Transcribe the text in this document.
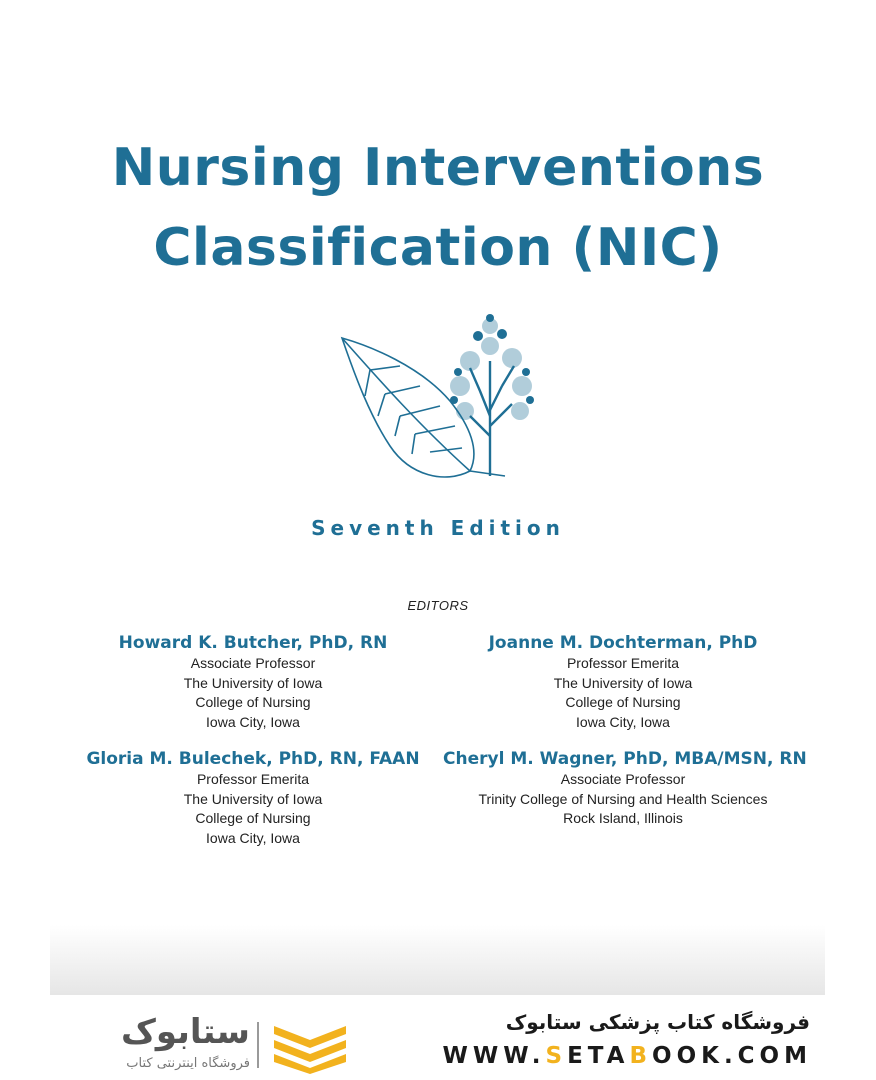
Nursing Interventions
Classification (NIC)
Seventh Edition
EDITORS
Howard K. Butcher, PhD, RN
Associate Professor
The University of Iowa
College of Nursing
Iowa City, Iowa
Joanne M. Dochterman, PhD
Professor Emerita
The University of Iowa
College of Nursing
Iowa City, Iowa
Gloria M. Bulechek, PhD, RN, FAAN
Professor Emerita
The University of Iowa
College of Nursing
Iowa City, Iowa
Cheryl M. Wagner, PhD, MBA/MSN, RN
Associate Professor
Trinity College of Nursing and Health Sciences
Rock Island, Illinois
ستابوک
فروشگاه اینترنتی کتاب
فروشگاه کتاب پزشکی ستابوک
WWW.SETABOOK.COM
